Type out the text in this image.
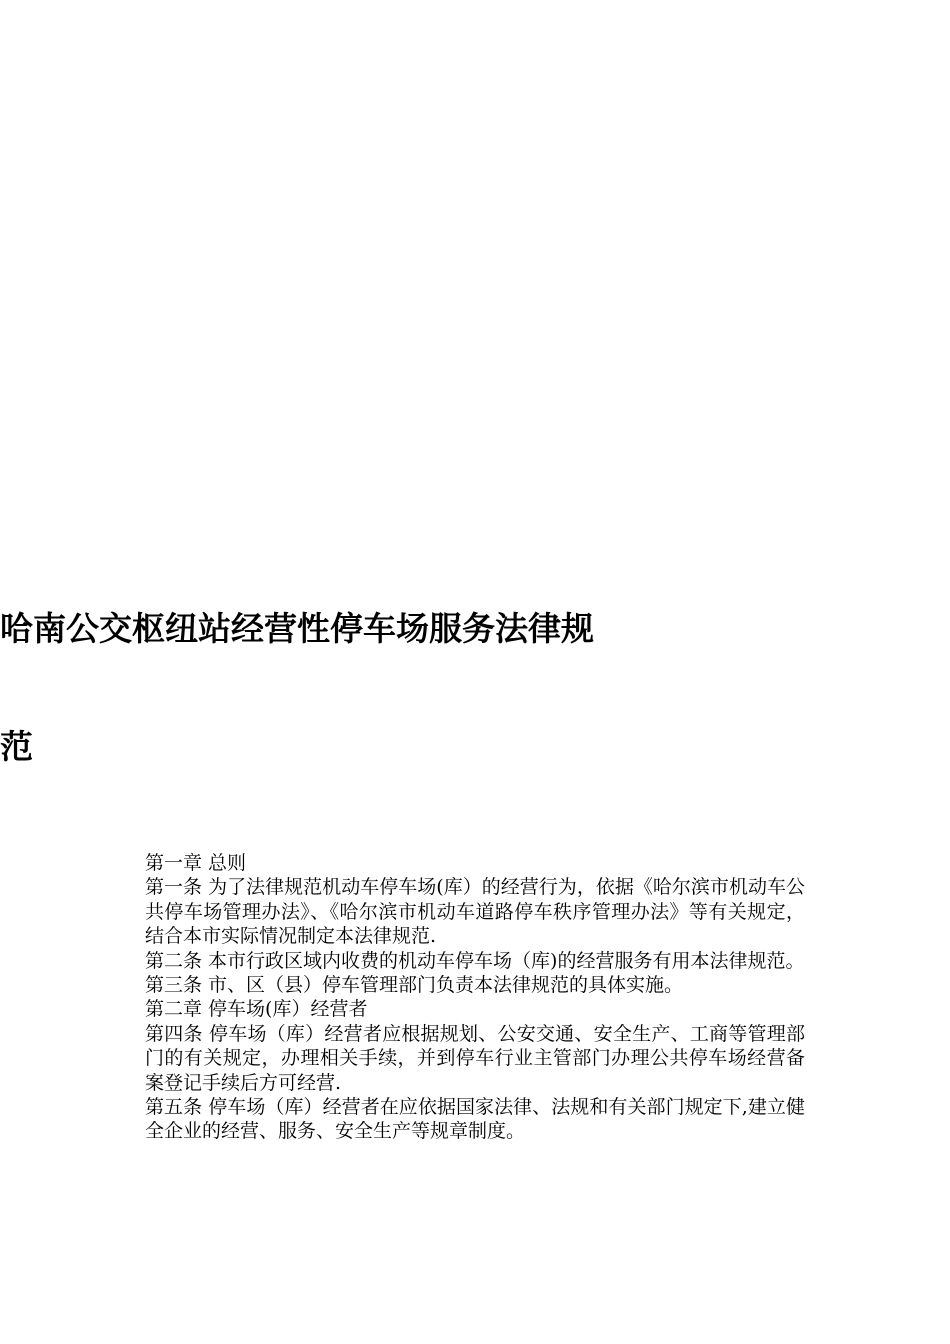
哈南公交枢纽站经营性停车场服务法律规
范

第一章 总则

第一条 为了法律规范机动车停车场(库）的经营行为，依据《哈尔滨市机动车公共停车场管理办法》、《哈尔滨市机动车道路停车秩序管理办法》等有关规定，结合本市实际情况制定本法律规范.

第二条 本市行政区域内收费的机动车停车场（库)的经营服务有用本法律规范。

第三条 市、区（县）停车管理部门负责本法律规范的具体实施。

第二章 停车场(库）经营者

第四条 停车场（库）经营者应根据规划、公安交通、安全生产、工商等管理部门的有关规定，办理相关手续，并到停车行业主管部门办理公共停车场经营备案登记手续后方可经营.

第五条 停车场（库）经营者在应依据国家法律、法规和有关部门规定下,建立健全企业的经营、服务、安全生产等规章制度。
